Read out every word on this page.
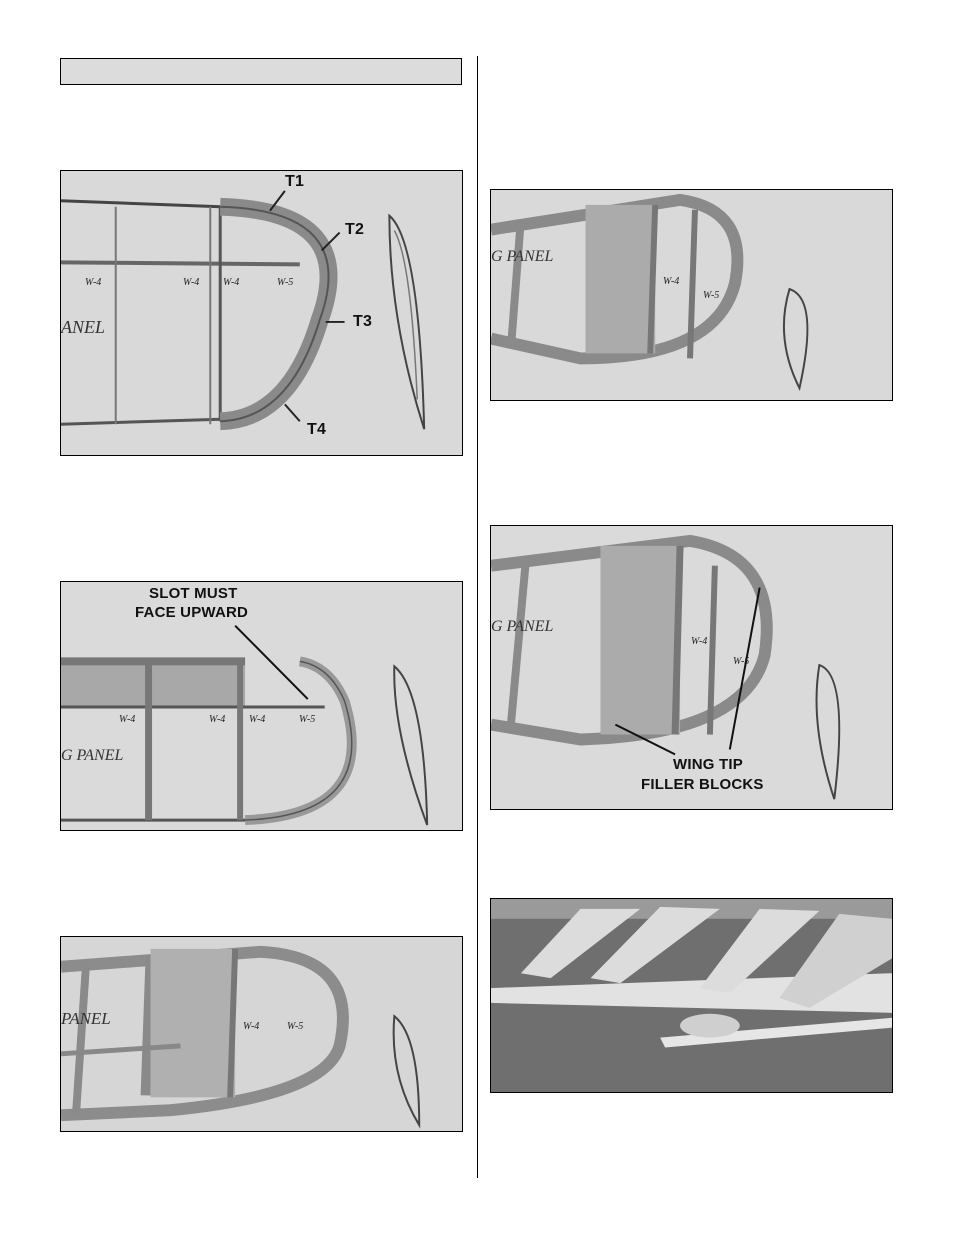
T1
T2
T3
T4
ANEL
W-4	W-4 W-4	W-5
SLOT MUST
FACE UPWARD
G PANEL
W-4	W-4 W-4	W-5
PANEL	W-4	W-5
G PANEL
W-4
W-5
G PANEL
W-4
W-5
WING TIP
FILLER BLOCKS
